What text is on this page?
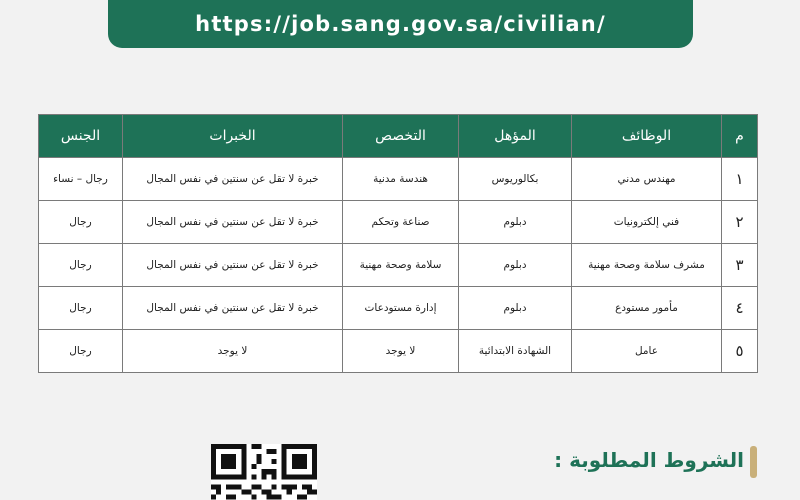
https://job.sang.gov.sa/civilian/
م	الوظائف	المؤهل	التخصص	الخبرات	الجنس
١	مهندس مدني	بكالوريوس	هندسة مدنية	خبرة لا تقل عن سنتين في نفس المجال	رجال – نساء
٢	فني إلكترونيات	دبلوم	صناعة وتحكم	خبرة لا تقل عن سنتين في نفس المجال	رجال
٣	مشرف سلامة وصحة مهنية	دبلوم	سلامة وصحة مهنية	خبرة لا تقل عن سنتين في نفس المجال	رجال
٤	مأمور مستودع	دبلوم	إدارة مستودعات	خبرة لا تقل عن سنتين في نفس المجال	رجال
٥	عامل	الشهادة الابتدائية	لا يوجد	لا يوجد	رجال
الشروط المطلوبة :
